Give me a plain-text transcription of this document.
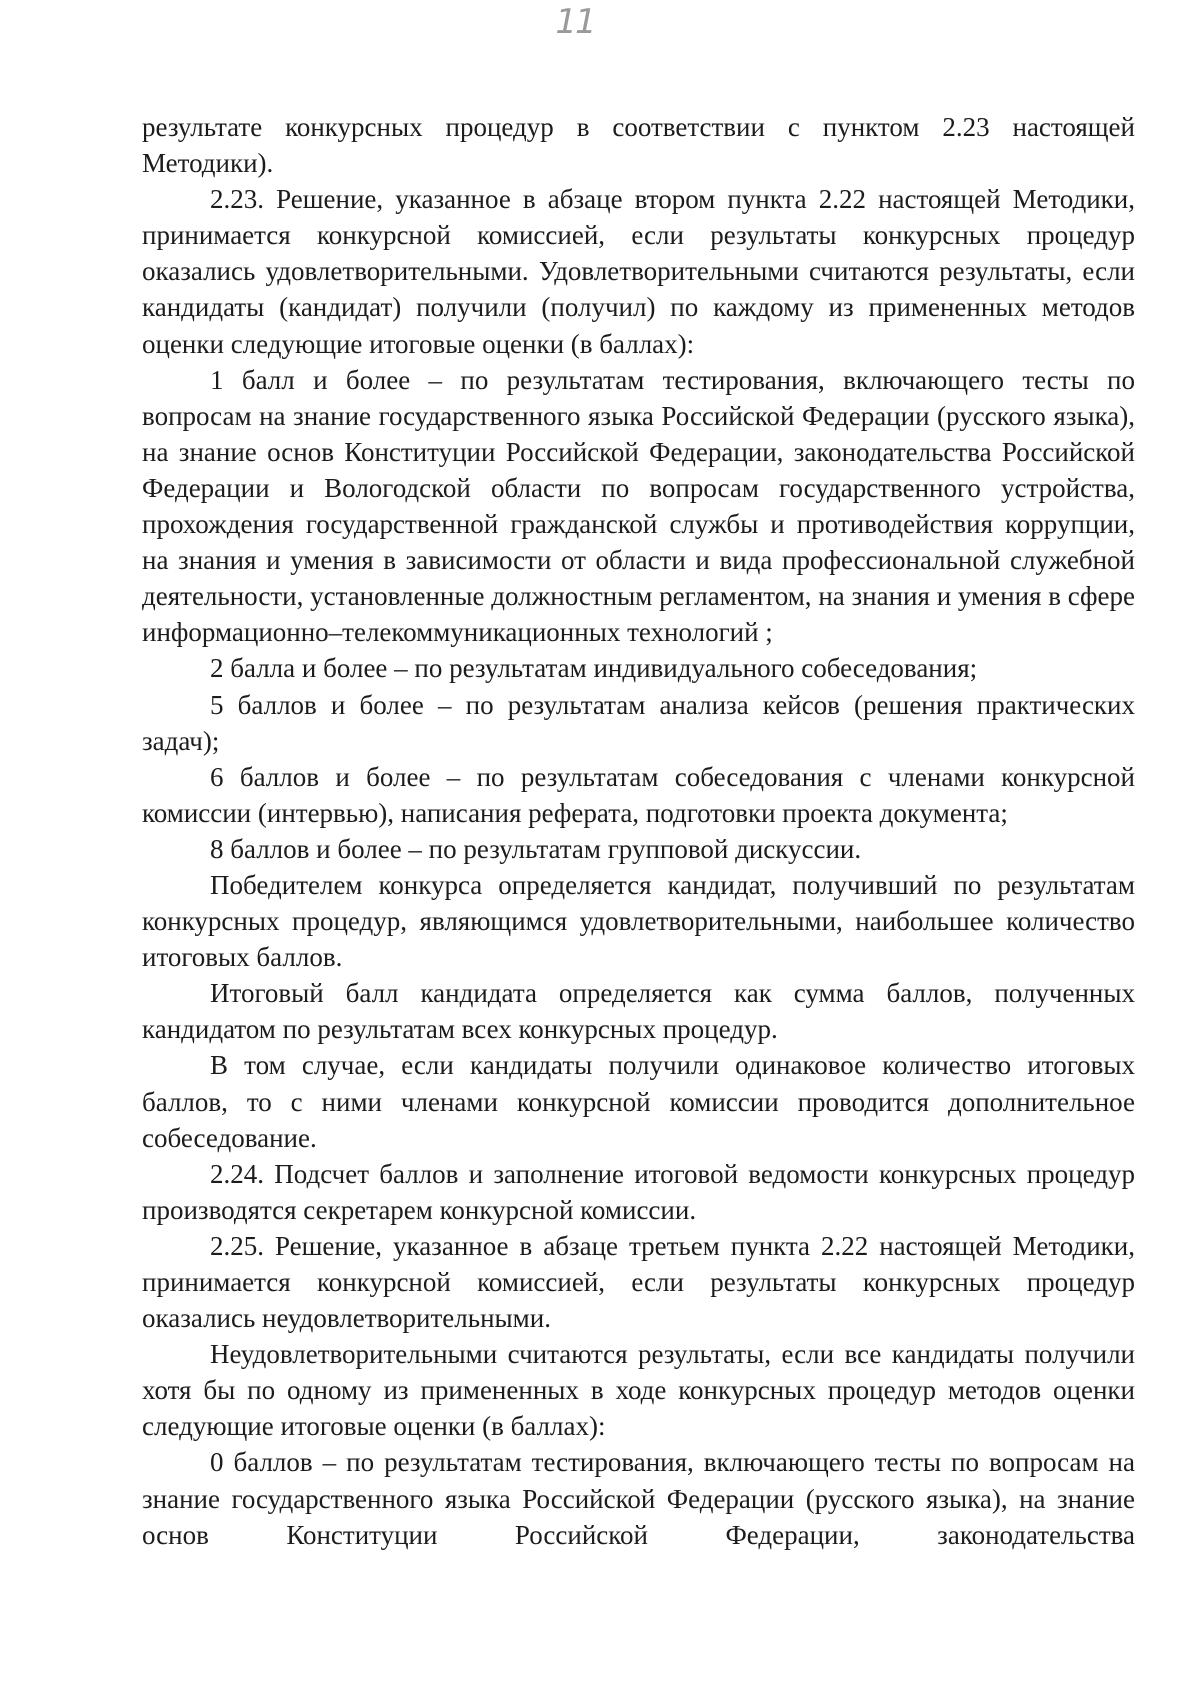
11

результате конкурсных процедур в соответствии с пунктом 2.23 настоящей Методики).

2.23. Решение, указанное в абзаце втором пункта 2.22 настоящей Методики, принимается конкурсной комиссией, если результаты конкурсных процедур оказались удовлетворительными. Удовлетворительными считаются результаты, если кандидаты (кандидат) получили (получил) по каждому из примененных методов оценки следующие итоговые оценки (в баллах):

1 балл и более – по результатам тестирования, включающего тесты по вопросам на знание государственного языка Российской Федерации (русского языка), на знание основ Конституции Российской Федерации, законодательства Российской Федерации и Вологодской области по вопросам государственного устройства, прохождения государственной гражданской службы и противодействия коррупции, на знания и умения в зависимости от области и вида профессиональной служебной деятельности, установленные должностным регламентом, на знания и умения в сфере информационно–телекоммуникационных технологий ;

2 балла и более – по результатам индивидуального собеседования;

5 баллов и более – по результатам анализа кейсов (решения практических задач);

6 баллов и более – по результатам собеседования с членами конкурсной комиссии (интервью), написания реферата, подготовки проекта документа;

8 баллов и более – по результатам групповой дискуссии.

Победителем конкурса определяется кандидат, получивший по результатам конкурсных процедур, являющимся удовлетворительными, наибольшее количество итоговых баллов.

Итоговый балл кандидата определяется как сумма баллов, полученных кандидатом по результатам всех конкурсных процедур.

В том случае, если кандидаты получили одинаковое количество итоговых баллов, то с ними членами конкурсной комиссии проводится дополнительное собеседование.

2.24. Подсчет баллов и заполнение итоговой ведомости конкурсных процедур производятся секретарем конкурсной комиссии.

2.25. Решение, указанное в абзаце третьем пункта 2.22 настоящей Методики, принимается конкурсной комиссией, если результаты конкурсных процедур оказались неудовлетворительными.

Неудовлетворительными считаются результаты, если все кандидаты получили хотя бы по одному из примененных в ходе конкурсных процедур методов оценки следующие итоговые оценки (в баллах):

0 баллов – по результатам тестирования, включающего тесты по вопросам на знание государственного языка Российской Федерации (русского языка), на знание основ Конституции Российской Федерации, законодательства
